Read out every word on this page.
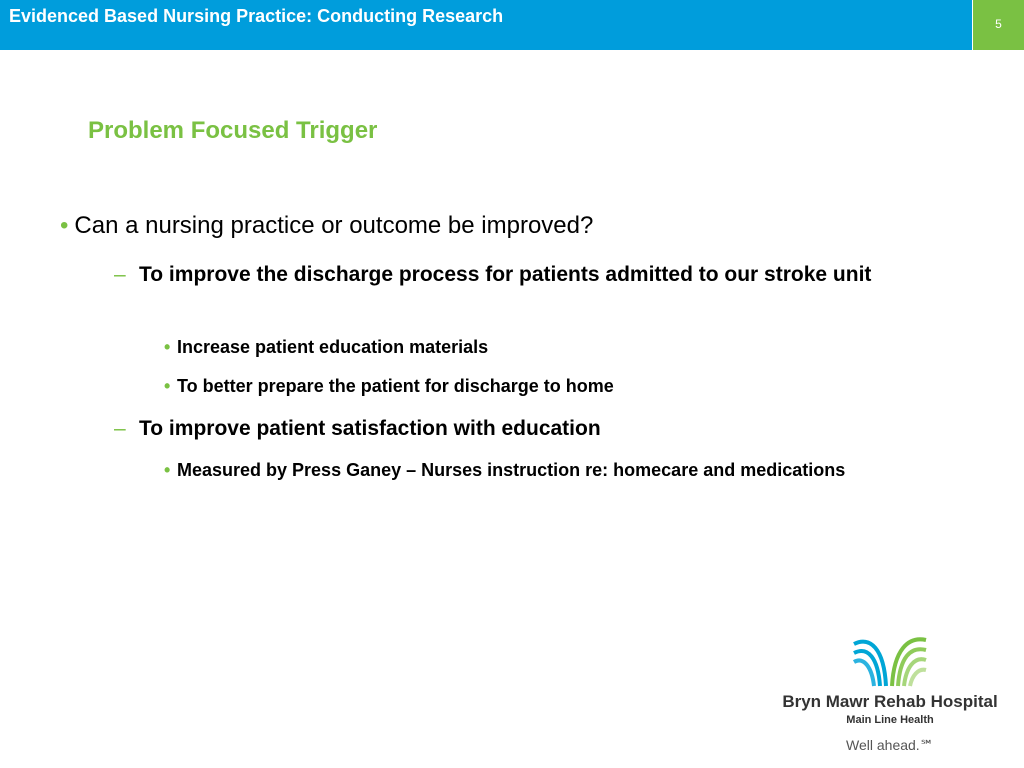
Evidenced Based Nursing Practice: Conducting Research	5
Problem Focused Trigger
• Can a nursing practice or outcome be improved?
– To improve the discharge process for patients admitted to our stroke unit
• Increase patient education materials
• To better prepare the patient for discharge to home
– To improve patient satisfaction with education
• Measured by Press Ganey – Nurses instruction re: homecare and medications
Bryn Mawr Rehab Hospital
Main Line Health
Well ahead.℠
